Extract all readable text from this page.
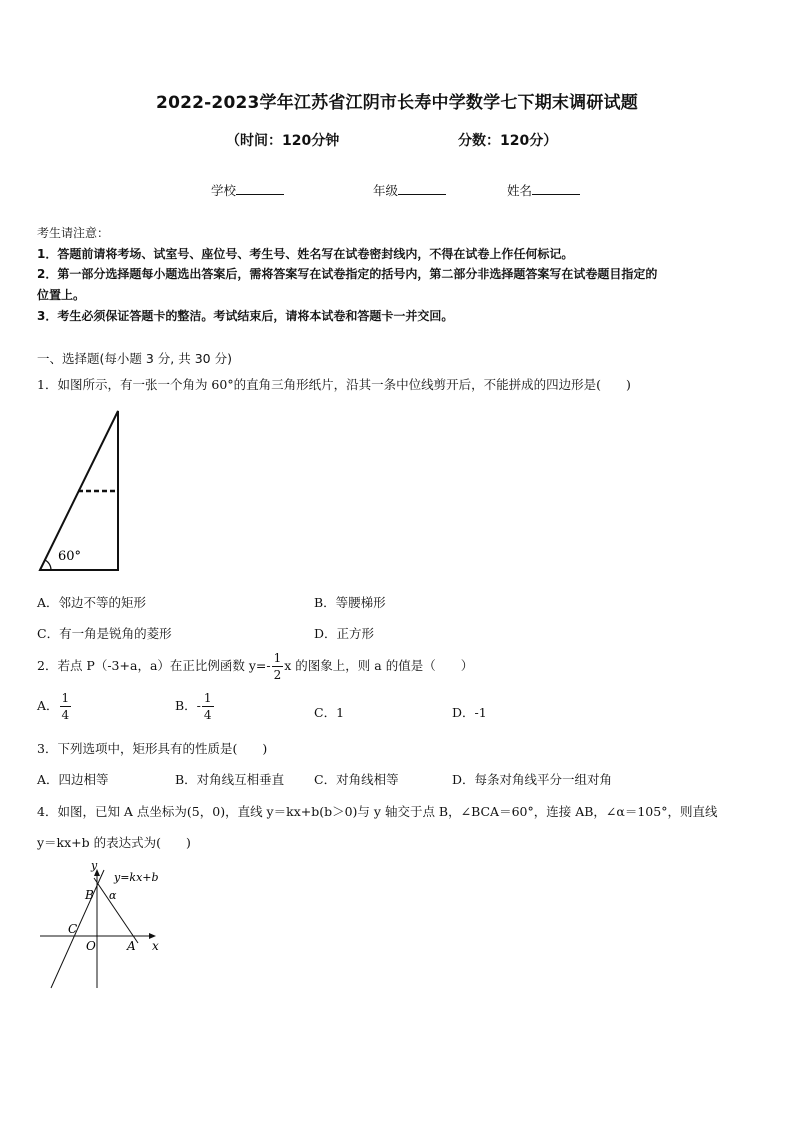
2022-2023学年江苏省江阴市长寿中学数学七下期末调研试题
（时间：120分钟	分数：120分）
学校	年级	姓名
考生请注意：
1．答题前请将考场、试室号、座位号、考生号、姓名写在试卷密封线内，不得在试卷上作任何标记。
2．第一部分选择题每小题选出答案后，需将答案写在试卷指定的括号内，第二部分非选择题答案写在试卷题目指定的
位置上。
3．考生必须保证答题卡的整洁。考试结束后，请将本试卷和答题卡一并交回。
一、选择题(每小题 3 分, 共 30 分)
1．如图所示，有一张一个角为 60°的直角三角形纸片，沿其一条中位线剪开后，不能拼成的四边形是(　　)
60°
A．邻边不等的矩形	B．等腰梯形
C．有一角是锐角的菱形	D．正方形
2．若点 P（-3+a，a）在正比例函数 $y=- \frac{1}{2}$ x 的图象上，则 a 的值是（　　）
A． $\frac{1}{4}$	B．- $\frac{1}{4}$	C．1	D．-1
3．下列选项中，矩形具有的性质是(　　)
A．四边相等	B．对角线互相垂直 C．对角线相等	D．每条对角线平分一组对角
4．如图，已知 A 点坐标为(5，0)，直线 y＝kx+b(b＞0)与 y 轴交于点 B，∠BCA＝60°，连接 AB，∠α＝105°，则直线
y＝kx+b 的表达式为(　　)
y
y=kx+b
B α
C
O	A x
